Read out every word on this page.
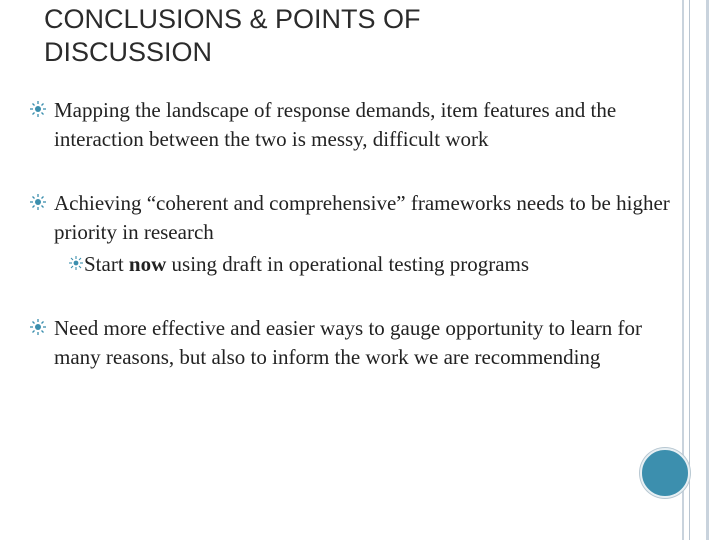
CONCLUSIONS & POINTS OF
DISCUSSION
Mapping the landscape of response demands, item features and the interaction between the two is messy, difficult work
Achieving “coherent and comprehensive” frameworks needs to be higher priority in research
Start now using draft in operational testing programs
Need more effective and easier ways to gauge opportunity to learn for many reasons, but also to inform the work we are recommending
